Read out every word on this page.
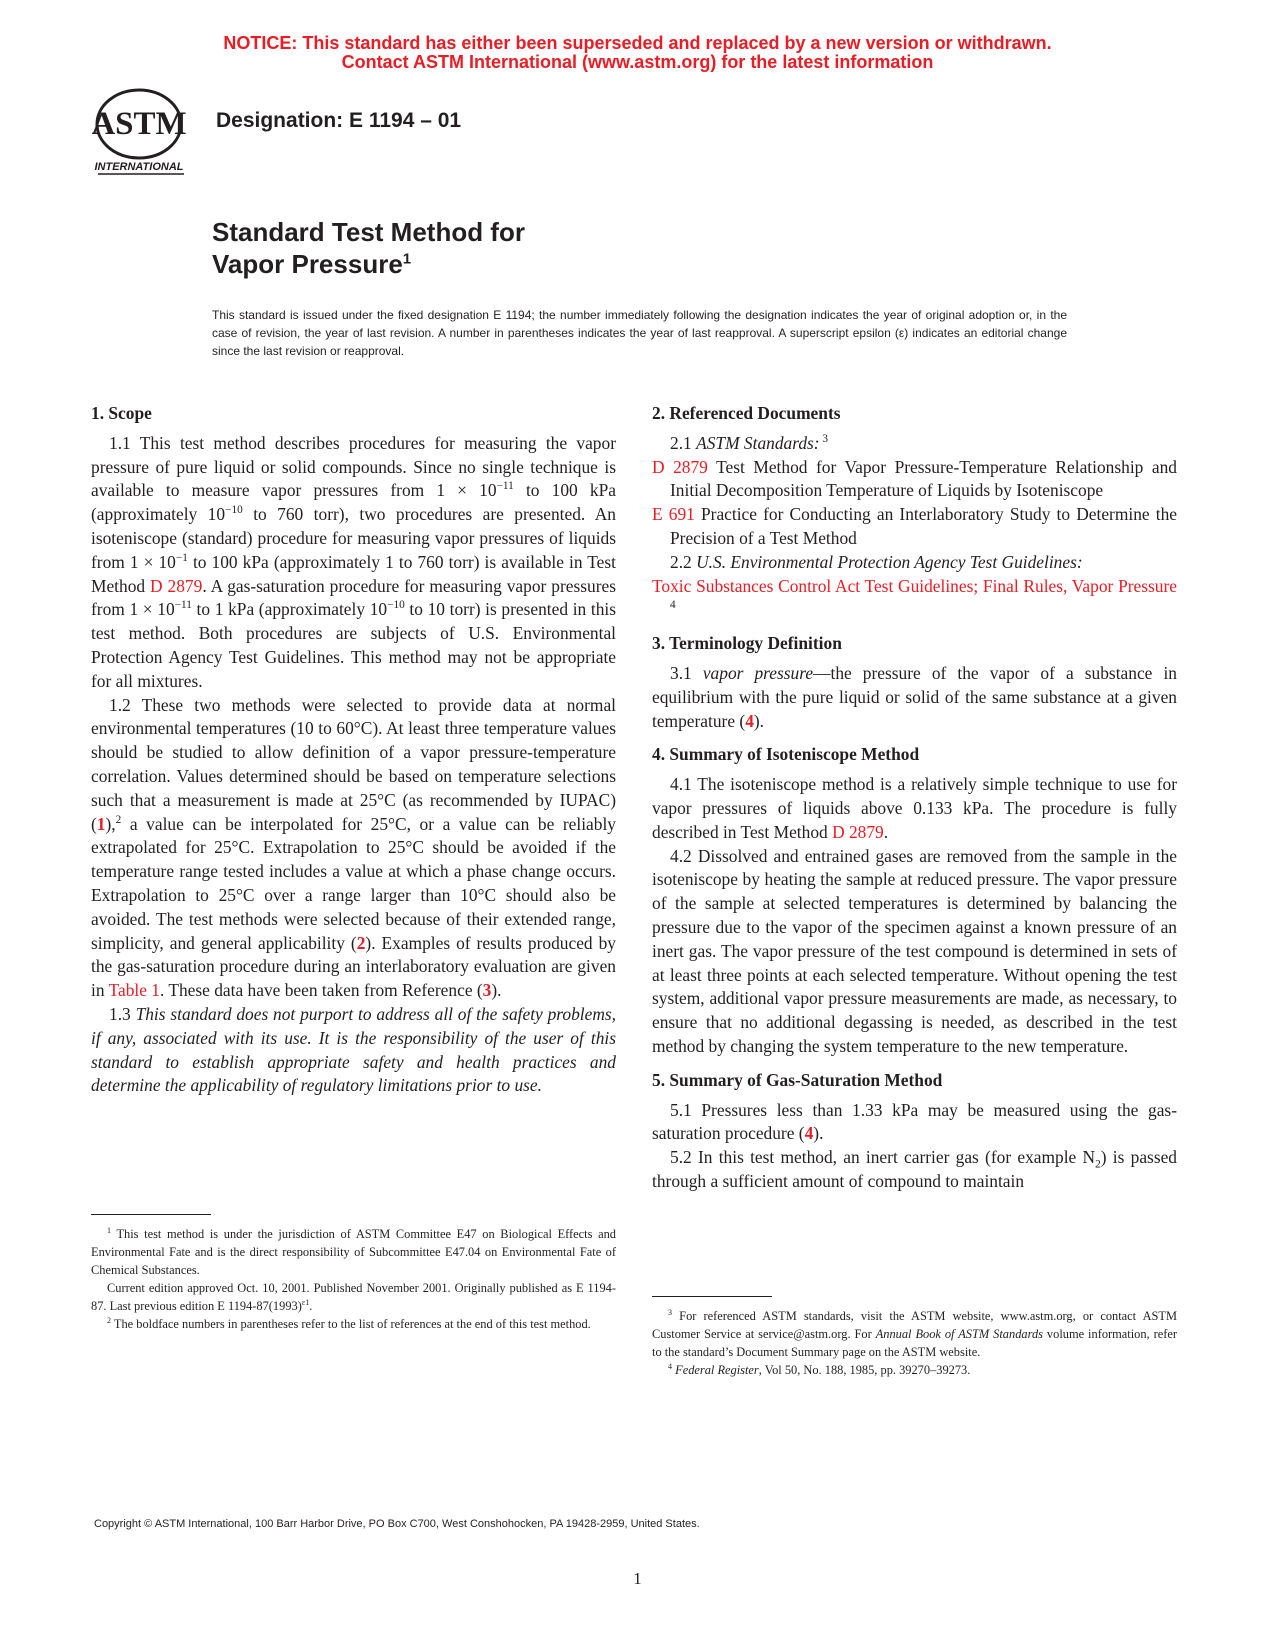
NOTICE: This standard has either been superseded and replaced by a new version or withdrawn.
Contact ASTM International (www.astm.org) for the latest information
ASTM
INTERNATIONAL
Designation: E 1194 – 01
Standard Test Method for
Vapor Pressure$^1$
This standard is issued under the fixed designation E 1194; the number immediately following the designation indicates the year of original adoption or, in the case of revision, the year of last revision. A number in parentheses indicates the year of last reapproval. A superscript epsilon (ε) indicates an editorial change since the last revision or reapproval.
1. Scope

1.1 This test method describes procedures for measuring the vapor pressure of pure liquid or solid compounds. Since no single technique is available to measure vapor pressures from $1 \times 10^{-11}$ to 100 kPa (approximately $10^{-10}$ to 760 torr), two procedures are presented. An isoteniscope (standard) procedure for measuring vapor pressures of liquids from $1 \times 10^{-1}$ to 100 kPa (approximately 1 to 760 torr) is available in Test Method D 2879. A gas-saturation procedure for measuring vapor pressures from $1 \times 10^{-11}$ to 1 kPa (approximately $10^{-10}$ to 10 torr) is presented in this test method. Both procedures are subjects of U.S. Environmental Protection Agency Test Guidelines. This method may not be appropriate for all mixtures.

1.2 These two methods were selected to provide data at normal environmental temperatures (10 to 60°C). At least three temperature values should be studied to allow definition of a vapor pressure-temperature correlation. Values determined should be based on temperature selections such that a measurement is made at 25°C (as recommended by IUPAC) (1),$^2$ a value can be interpolated for 25°C, or a value can be reliably extrapolated for 25°C. Extrapolation to 25°C should be avoided if the temperature range tested includes a value at which a phase change occurs. Extrapolation to 25°C over a range larger than 10°C should also be avoided. The test methods were selected because of their extended range, simplicity, and general applicability (2). Examples of results produced by the gas-saturation procedure during an interlaboratory evaluation are given in Table 1. These data have been taken from Reference (3).

1.3 This standard does not purport to address all of the safety problems, if any, associated with its use. It is the responsibility of the user of this standard to establish appropriate safety and health practices and determine the applicability of regulatory limitations prior to use.

$^1$ This test method is under the jurisdiction of ASTM Committee E47 on Biological Effects and Environmental Fate and is the direct responsibility of Subcommittee E47.04 on Environmental Fate of Chemical Substances.

Current edition approved Oct. 10, 2001. Published November 2001. Originally published as E 1194-87. Last previous edition E $1194-87(1993)^{\varepsilon 1}$.

$^2$ The boldface numbers in parentheses refer to the list of references at the end of this test method.

2. Referenced Documents

2.1 ASTM Standards: $^3$

D 2879 Test Method for Vapor Pressure-Temperature Relationship and Initial Decomposition Temperature of Liquids by Isoteniscope

E 691 Practice for Conducting an Interlaboratory Study to Determine the Precision of a Test Method

2.2 U.S. Environmental Protection Agency Test Guidelines:

Toxic Substances Control Act Test Guidelines; Final Rules, Vapor Pressure $^4$

3. Terminology Definition

3.1 vapor pressure—the pressure of the vapor of a substance in equilibrium with the pure liquid or solid of the same substance at a given temperature (4).

4. Summary of Isoteniscope Method

4.1 The isoteniscope method is a relatively simple technique to use for vapor pressures of liquids above 0.133 kPa. The procedure is fully described in Test Method D 2879.

4.2 Dissolved and entrained gases are removed from the sample in the isoteniscope by heating the sample at reduced pressure. The vapor pressure of the sample at selected temperatures is determined by balancing the pressure due to the vapor of the specimen against a known pressure of an inert gas. The vapor pressure of the test compound is determined in sets of at least three points at each selected temperature. Without opening the test system, additional vapor pressure measurements are made, as necessary, to ensure that no additional degassing is needed, as described in the test method by changing the system temperature to the new temperature.

5. Summary of Gas-Saturation Method

5.1 Pressures less than 1.33 kPa may be measured using the gas-saturation procedure (4).

5.2 In this test method, an inert carrier gas (for example $N_2$) is passed through a sufficient amount of compound to maintain

$^3$ For referenced ASTM standards, visit the ASTM website, www.astm.org, or contact ASTM Customer Service at service@astm.org. For Annual Book of ASTM Standards volume information, refer to the standard’s Document Summary page on the ASTM website.

$^4$ Federal Register, Vol 50, No. 188, 1985, pp. 39270–39273.

Copyright © ASTM International, 100 Barr Harbor Drive, PO Box C700, West Conshohocken, PA 19428-2959, United States.
1
